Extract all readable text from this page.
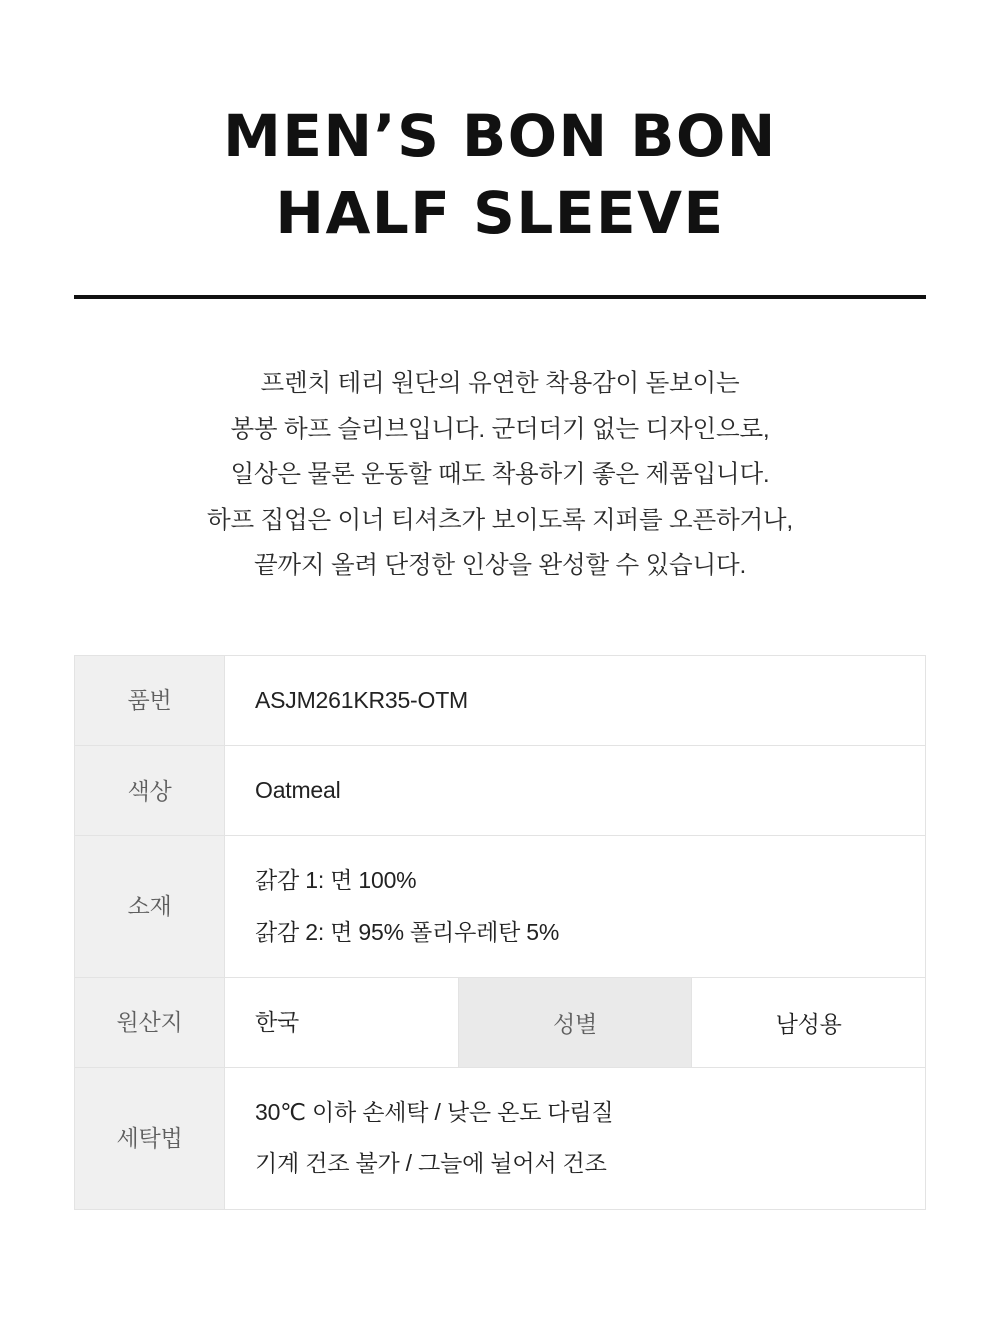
MEN’S BON BON
HALF SLEEVE

프렌치 테리 원단의 유연한 착용감이 돋보이는

봉봉 하프 슬리브입니다. 군더더기 없는 디자인으로,

일상은 물론 운동할 때도 착용하기 좋은 제품입니다.

하프 집업은 이너 티셔츠가 보이도록 지퍼를 오픈하거나,

끝까지 올려 단정한 인상을 완성할 수 있습니다.

품번	ASJM261KR35-OTM		
색상	Oatmeal		
소재	갉감 1: 면 100%
갉감 2: 면 95% 폴리우레탄 5%		

원산지	한국	성별	남성용
세탁법	30℃ 이하 손세탁 / 낮은 온도 다림질
기계 건조 불가 / 그늘에 뉠어서 건조		
